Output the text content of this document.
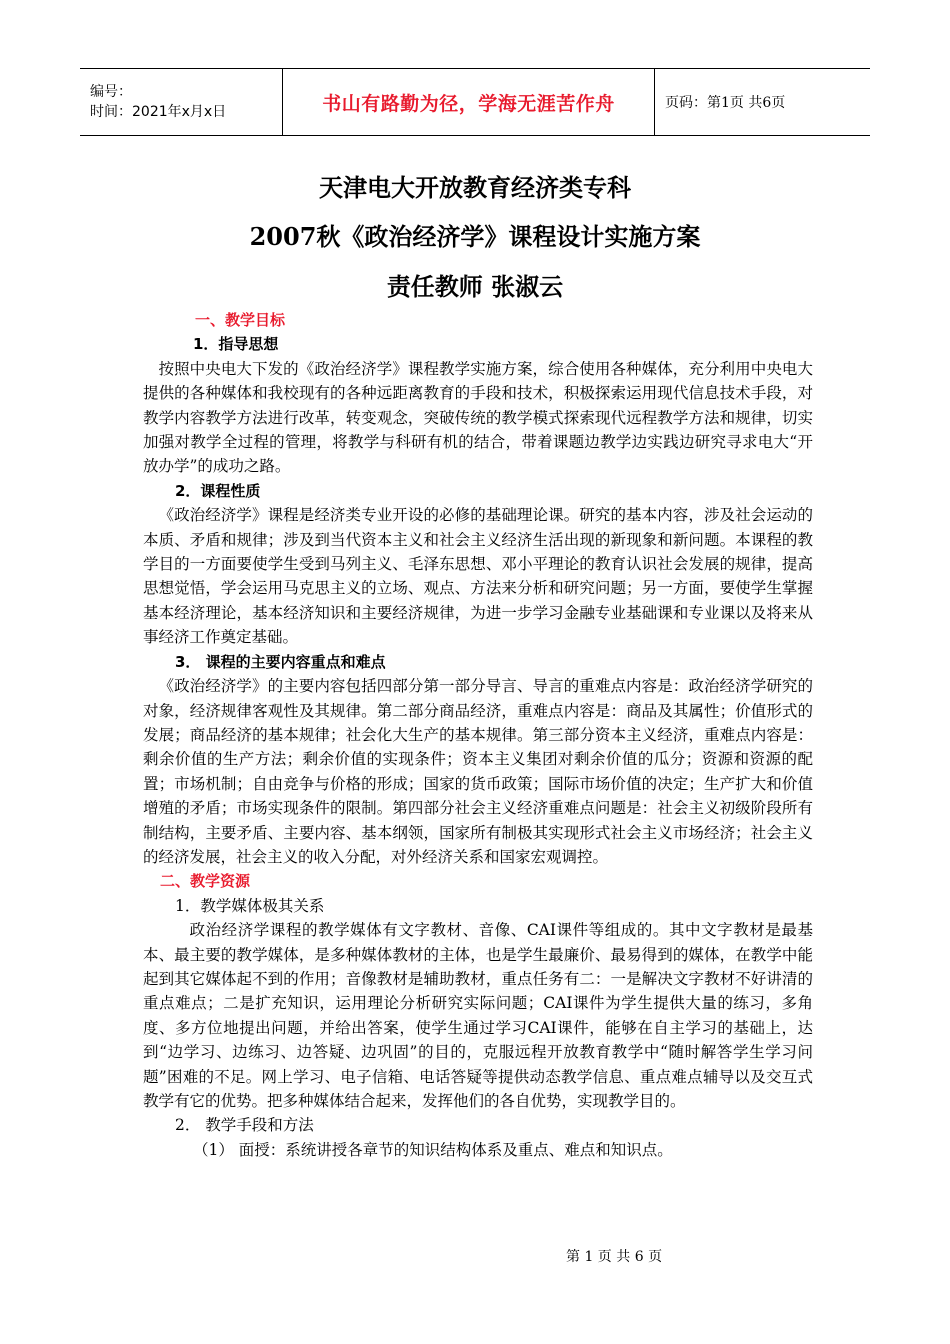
编号：
时间：2021年x月x日	书山有路勤为径，学海无涯苦作舟	页码：第1页 共6页
天津电大开放教育经济类专科
2007秋《政治经济学》课程设计实施方案
责任教师 张淑云
一、教学目标
1．指导思想

按照中央电大下发的《政治经济学》课程教学实施方案，综合使用各种媒体，充分利用中央电大提供的各种媒体和我校现有的各种远距离教育的手段和技术，积极探索运用现代信息技术手段，对教学内容教学方法进行改革，转变观念，突破传统的教学模式探索现代远程教学方法和规律，切实加强对教学全过程的管理，将教学与科研有机的结合，带着课题边教学边实践边研究寻求电大“开放办学”的成功之路。

2．课程性质

《政治经济学》课程是经济类专业开设的必修的基础理论课。研究的基本内容，涉及社会运动的本质、矛盾和规律；涉及到当代资本主义和社会主义经济生活出现的新现象和新问题。本课程的教学目的一方面要使学生受到马列主义、毛泽东思想、邓小平理论的教育认识社会发展的规律，提高思想觉悟，学会运用马克思主义的立场、观点、方法来分析和研究问题；另一方面，要使学生掌握基本经济理论，基本经济知识和主要经济规律，为进一步学习金融专业基础课和专业课以及将来从事经济工作奠定基础。

3． 课程的主要内容重点和难点

《政治经济学》的主要内容包括四部分第一部分导言、导言的重难点内容是：政治经济学研究的对象，经济规律客观性及其规律。第二部分商品经济，重难点内容是：商品及其属性；价值形式的发展；商品经济的基本规律；社会化大生产的基本规律。第三部分资本主义经济，重难点内容是：剩余价值的生产方法；剩余价值的实现条件；资本主义集团对剩余价值的瓜分；资源和资源的配置；市场机制；自由竞争与价格的形成；国家的货币政策；国际市场价值的决定；生产扩大和价值增殖的矛盾；市场实现条件的限制。第四部分社会主义经济重难点问题是：社会主义初级阶段所有制结构，主要矛盾、主要内容、基本纲领，国家所有制极其实现形式社会主义市场经济；社会主义的经济发展，社会主义的收入分配，对外经济关系和国家宏观调控。

二、教学资源
1．教学媒体极其关系

政治经济学课程的教学媒体有文字教材、音像、CAI课件等组成的。其中文字教材是最基本、最主要的教学媒体，是多种媒体教材的主体，也是学生最廉价、最易得到的媒体，在教学中能起到其它媒体起不到的作用；音像教材是辅助教材，重点任务有二：一是解决文字教材不好讲清的重点难点；二是扩充知识，运用理论分析研究实际问题；CAI课件为学生提供大量的练习，多角度、多方位地提出问题，并给出答案，使学生通过学习CAI课件，能够在自主学习的基础上，达到“边学习、边练习、边答疑、边巩固”的目的，克服远程开放教育教学中“随时解答学生学习问题”困难的不足。网上学习、电子信箱、电话答疑等提供动态教学信息、重点难点辅导以及交互式教学有它的优势。把多种媒体结合起来，发挥他们的各自优势，实现教学目的。

2． 教学手段和方法
（1） 面授：系统讲授各章节的知识结构体系及重点、难点和知识点。
第 1 页 共 6 页
